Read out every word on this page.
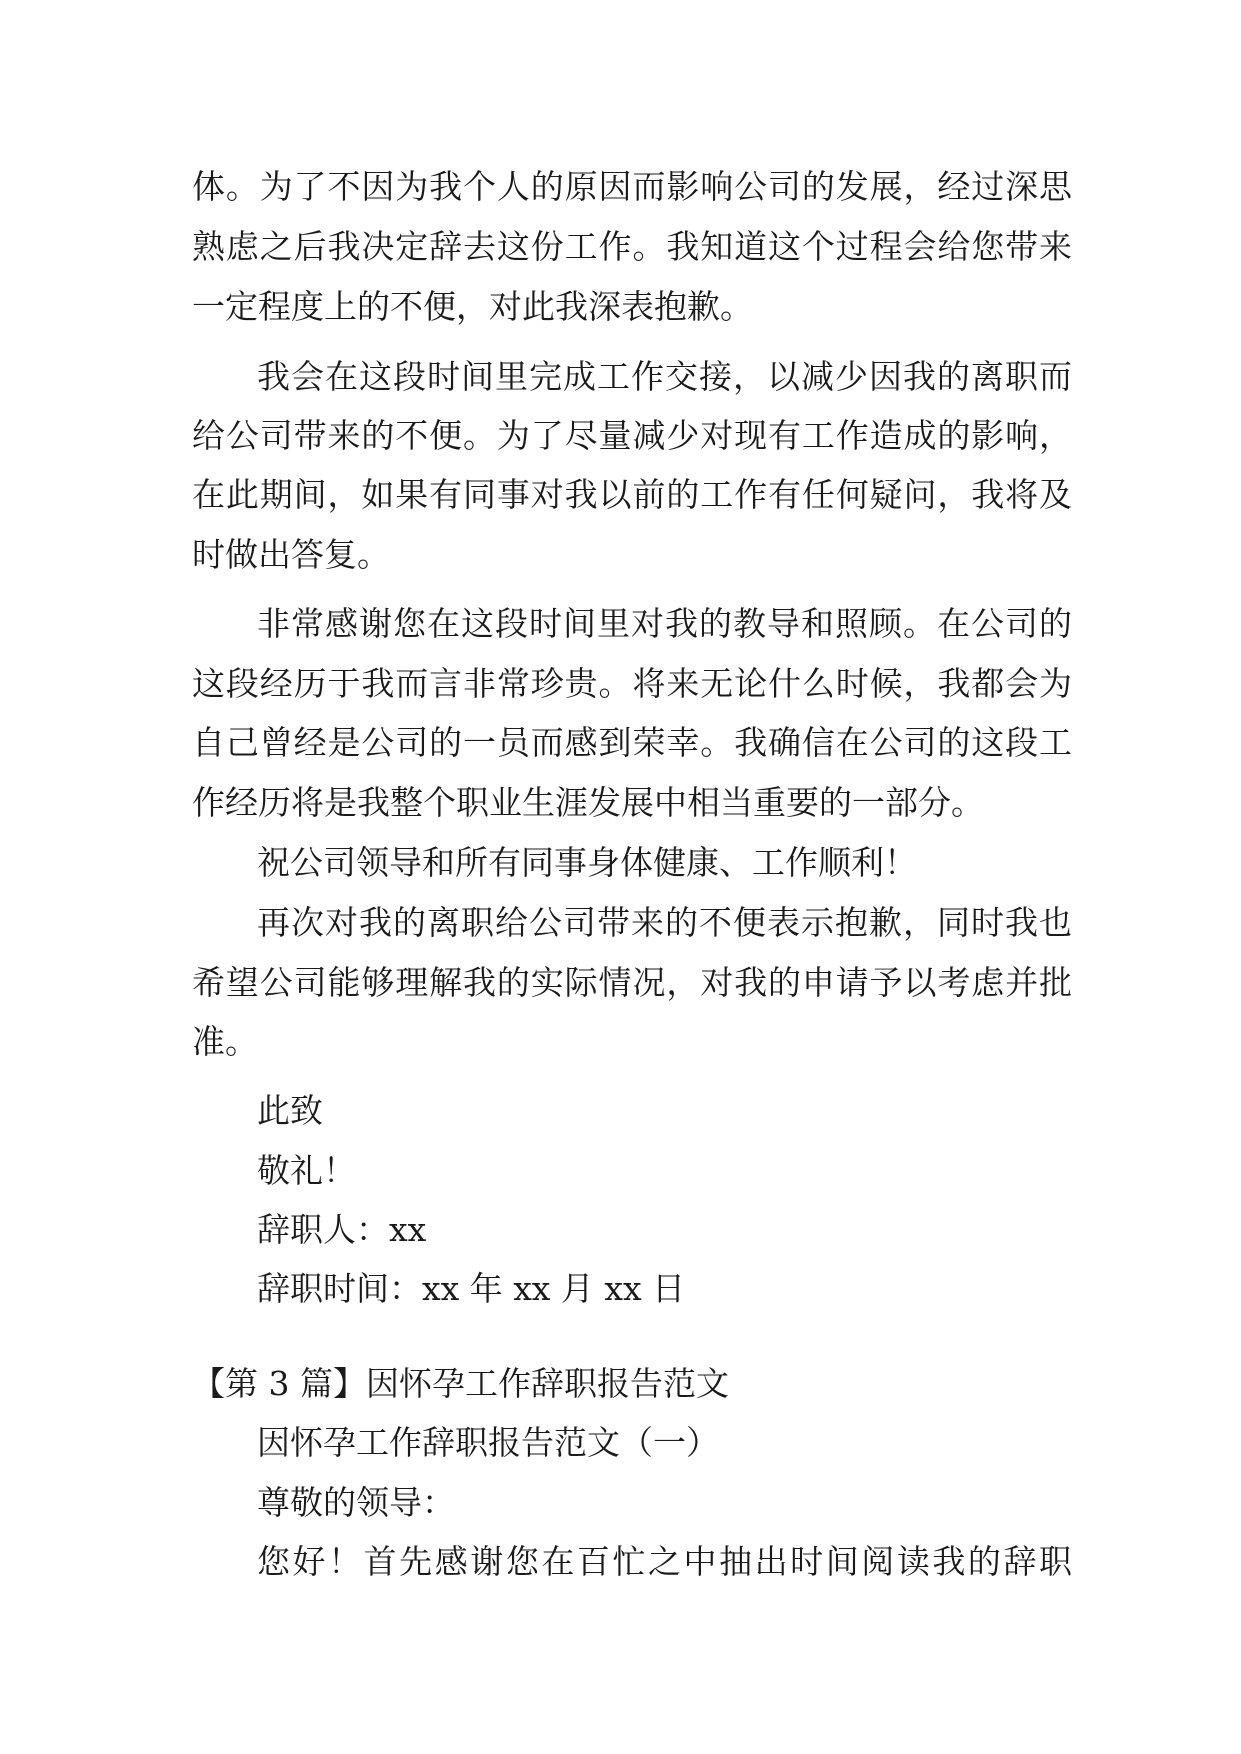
体。为了不因为我个人的原因而影响公司的发展，经过深思
熟虑之后我决定辞去这份工作。我知道这个过程会给您带来
一定程度上的不便，对此我深表抱歉。
我会在这段时间里完成工作交接，以减少因我的离职而
给公司带来的不便。为了尽量减少对现有工作造成的影响，
在此期间，如果有同事对我以前的工作有任何疑问，我将及
时做出答复。
非常感谢您在这段时间里对我的教导和照顾。在公司的
这段经历于我而言非常珍贵。将来无论什么时候，我都会为
自己曾经是公司的一员而感到荣幸。我确信在公司的这段工
作经历将是我整个职业生涯发展中相当重要的一部分。
祝公司领导和所有同事身体健康、工作顺利！
再次对我的离职给公司带来的不便表示抱歉，同时我也
希望公司能够理解我的实际情况，对我的申请予以考虑并批
准。
此致
敬礼！
辞职人：xx
辞职时间：xx 年 xx 月 xx 日
【第 3 篇】因怀孕工作辞职报告范文
因怀孕工作辞职报告范文（一）
尊敬的领导：
您好！首先感谢您在百忙之中抽出时间阅读我的辞职
